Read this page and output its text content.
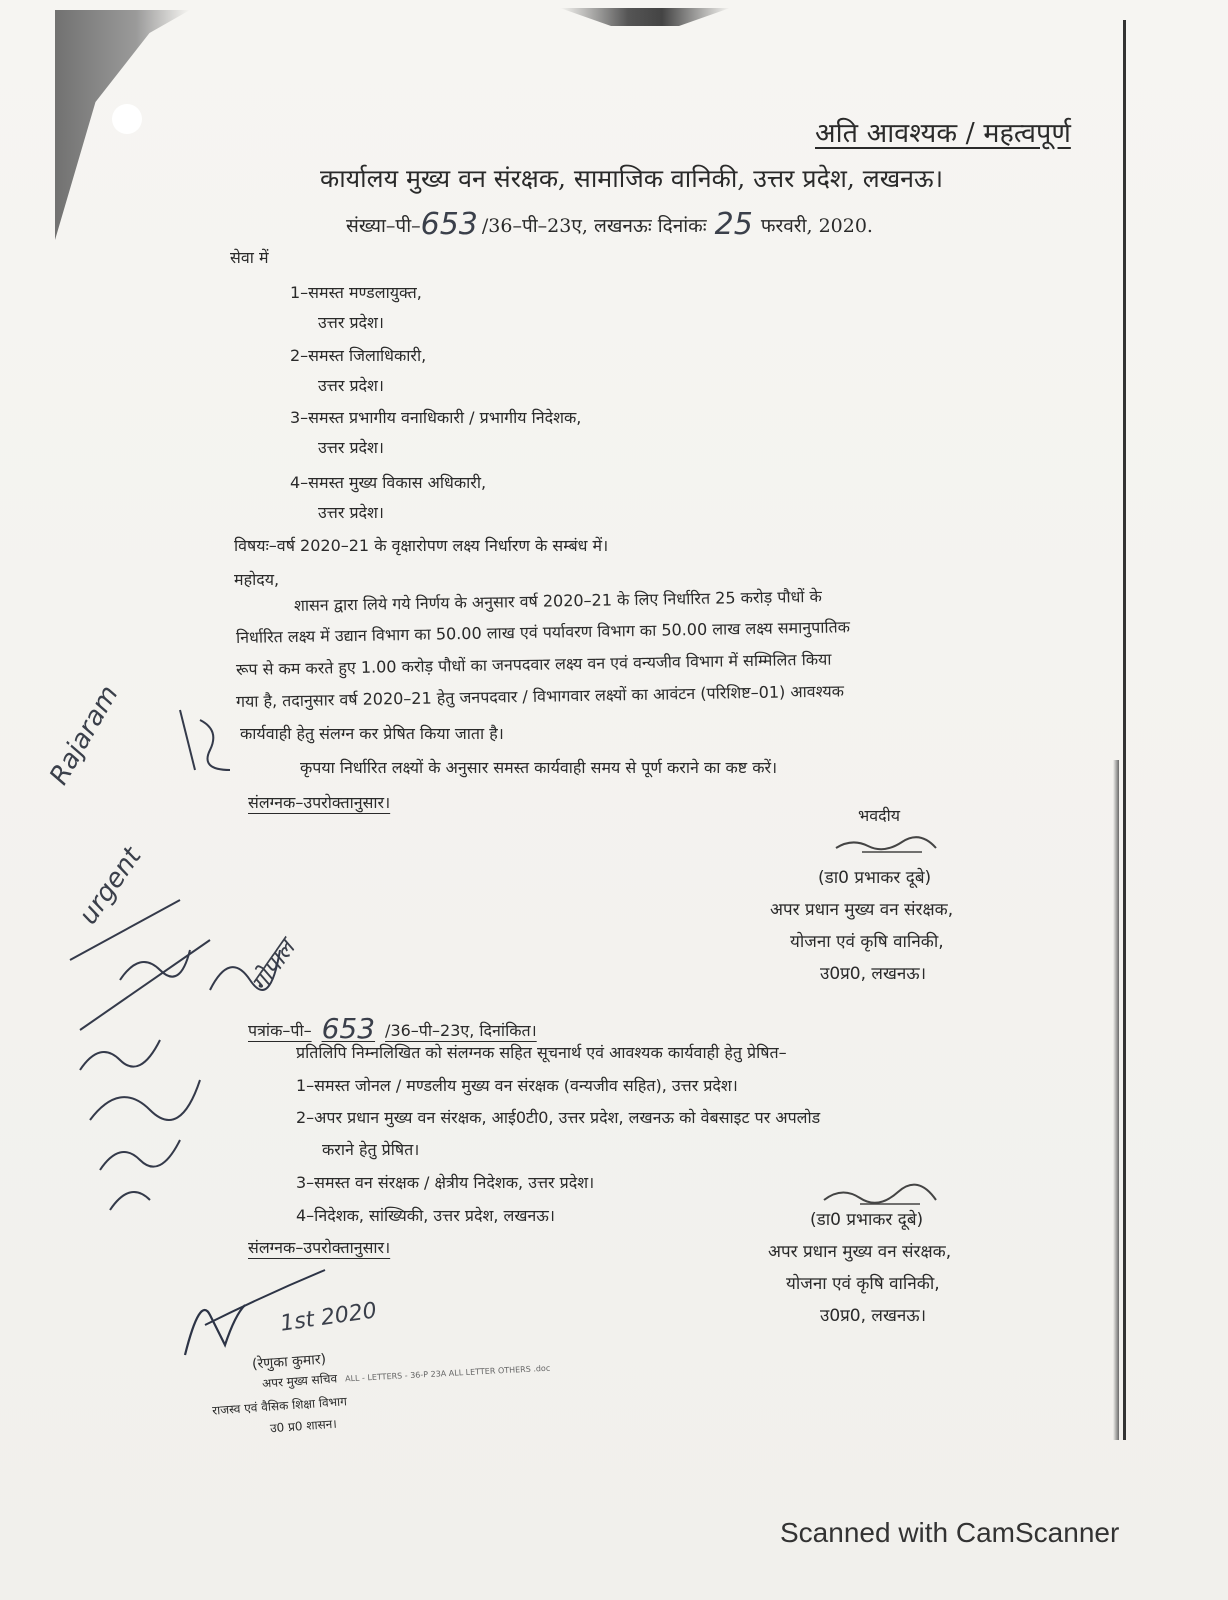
अति आवश्यक / महत्वपूर्ण
कार्यालय मुख्य वन संरक्षक, सामाजिक वानिकी, उत्तर प्रदेश, लखनऊ।
संख्या–पी–653 /36–पी–23ए, लखनऊः दिनांकः 25 फरवरी, 2020.
सेवा में
1–समस्त मण्डलायुक्त,
उत्तर प्रदेश।
2–समस्त जिलाधिकारी,
उत्तर प्रदेश।
3–समस्त प्रभागीय वनाधिकारी / प्रभागीय निदेशक,
उत्तर प्रदेश।
4–समस्त मुख्य विकास अधिकारी,
उत्तर प्रदेश।
विषयः–वर्ष 2020–21 के वृक्षारोपण लक्ष्य निर्धारण के सम्बंध में।
महोदय,
शासन द्वारा लिये गये निर्णय के अनुसार वर्ष 2020–21 के लिए निर्धारित 25 करोड़ पौधों के
निर्धारित लक्ष्य में उद्यान विभाग का 50.00 लाख एवं पर्यावरण विभाग का 50.00 लाख लक्ष्य समानुपातिक
रूप से कम करते हुए 1.00 करोड़ पौधों का जनपदवार लक्ष्य वन एवं वन्यजीव विभाग में सम्मिलित किया
गया है, तदानुसार वर्ष 2020–21 हेतु जनपदवार / विभागवार लक्ष्यों का आवंटन (परिशिष्ट–01) आवश्यक
कार्यवाही हेतु संलग्न कर प्रेषित किया जाता है।
कृपया निर्धारित लक्ष्यों के अनुसार समस्त कार्यवाही समय से पूर्ण कराने का कष्ट करें।
संलग्नक–उपरोक्तानुसार।
भवदीय
(डा0 प्रभाकर दूबे)
अपर प्रधान मुख्य वन संरक्षक,
योजना एवं कृषि वानिकी,
उ0प्र0, लखनऊ।
पत्रांक–पी– 653 /36–पी–23ए, दिनांकित।
प्रतिलिपि निम्नलिखित को संलग्नक सहित सूचनार्थ एवं आवश्यक कार्यवाही हेतु प्रेषित–
1–समस्त जोनल / मण्डलीय मुख्य वन संरक्षक (वन्यजीव सहित), उत्तर प्रदेश।
2–अपर प्रधान मुख्य वन संरक्षक, आई0टी0, उत्तर प्रदेश, लखनऊ को वेबसाइट पर अपलोड
कराने हेतु प्रेषित।
3–समस्त वन संरक्षक / क्षेत्रीय निदेशक, उत्तर प्रदेश।
4–निदेशक, सांख्यिकी, उत्तर प्रदेश, लखनऊ।
संलग्नक–उपरोक्तानुसार।
(डा0 प्रभाकर दूबे)
अपर प्रधान मुख्य वन संरक्षक,
योजना एवं कृषि वानिकी,
उ0प्र0, लखनऊ।
1st 2020
(रेणुका कुमार)
अपर मुख्य सचिव ALL - LETTERS - 36-P 23A ALL LETTER OTHERS .doc
राजस्व एवं वैसिक शिक्षा विभाग
उ0 प्र0 शासन।
Rajaram
urgent
गोपाल
Scanned with CamScanner
